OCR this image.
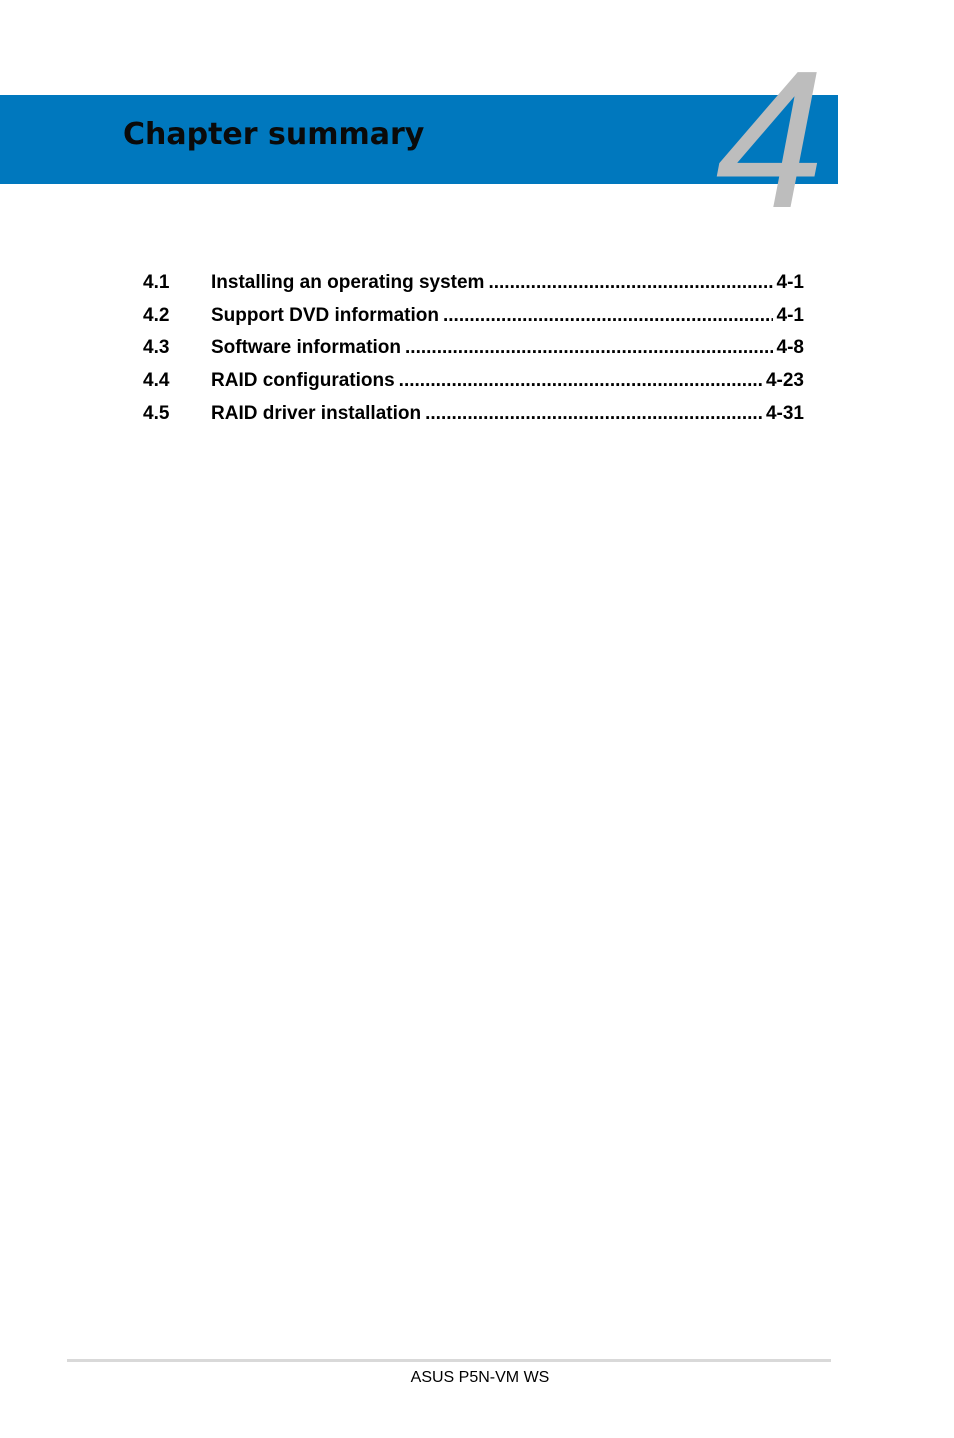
4
Chapter summary
4.1	Installing an operating system .....	4-1
4.2	Support DVD information .....	4-1
4.3	Software information .....	4-8
4.4	RAID configurations .....	4-23
4.5	RAID driver installation .....	4-31
ASUS P5N-VM WS
